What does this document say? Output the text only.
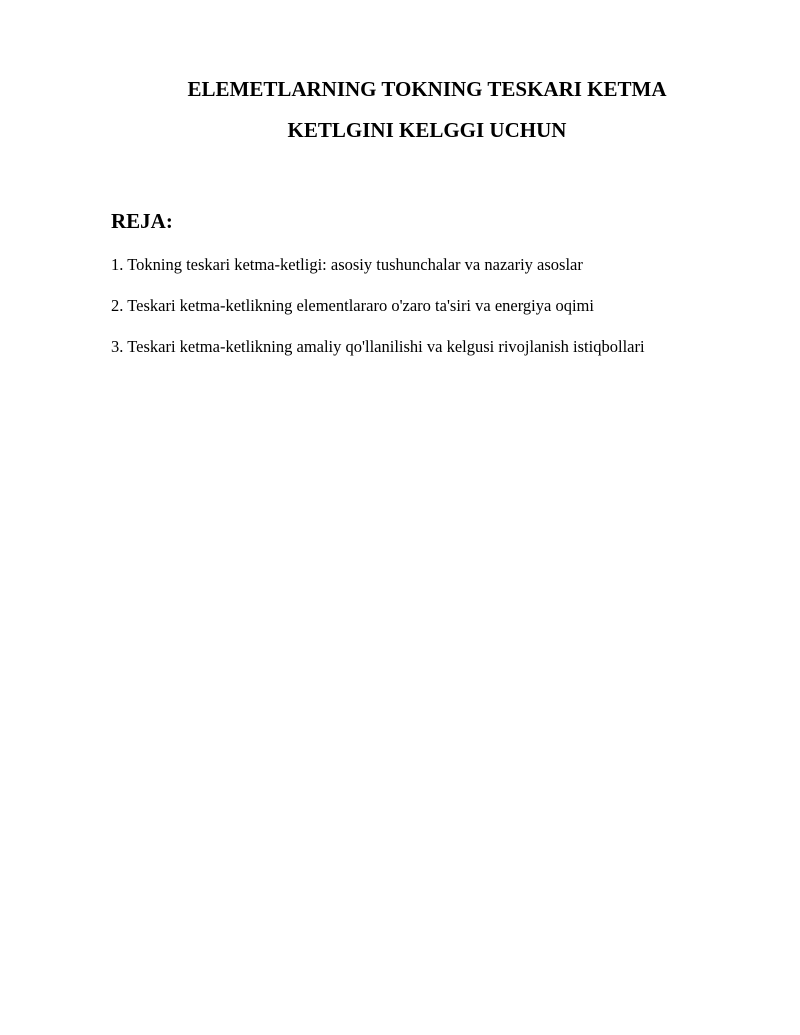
ELEMETLARNING TOKNING TESKARI KETMA
KETLGINI KELGGI UCHUN
REJA:
1. Tokning teskari ketma-ketligi: asosiy tushunchalar va nazariy asoslar
2. Teskari ketma-ketlikning elementlararo o'zaro ta'siri va energiya oqimi
3. Teskari ketma-ketlikning amaliy qo'llanilishi va kelgusi rivojlanish istiqbollari
